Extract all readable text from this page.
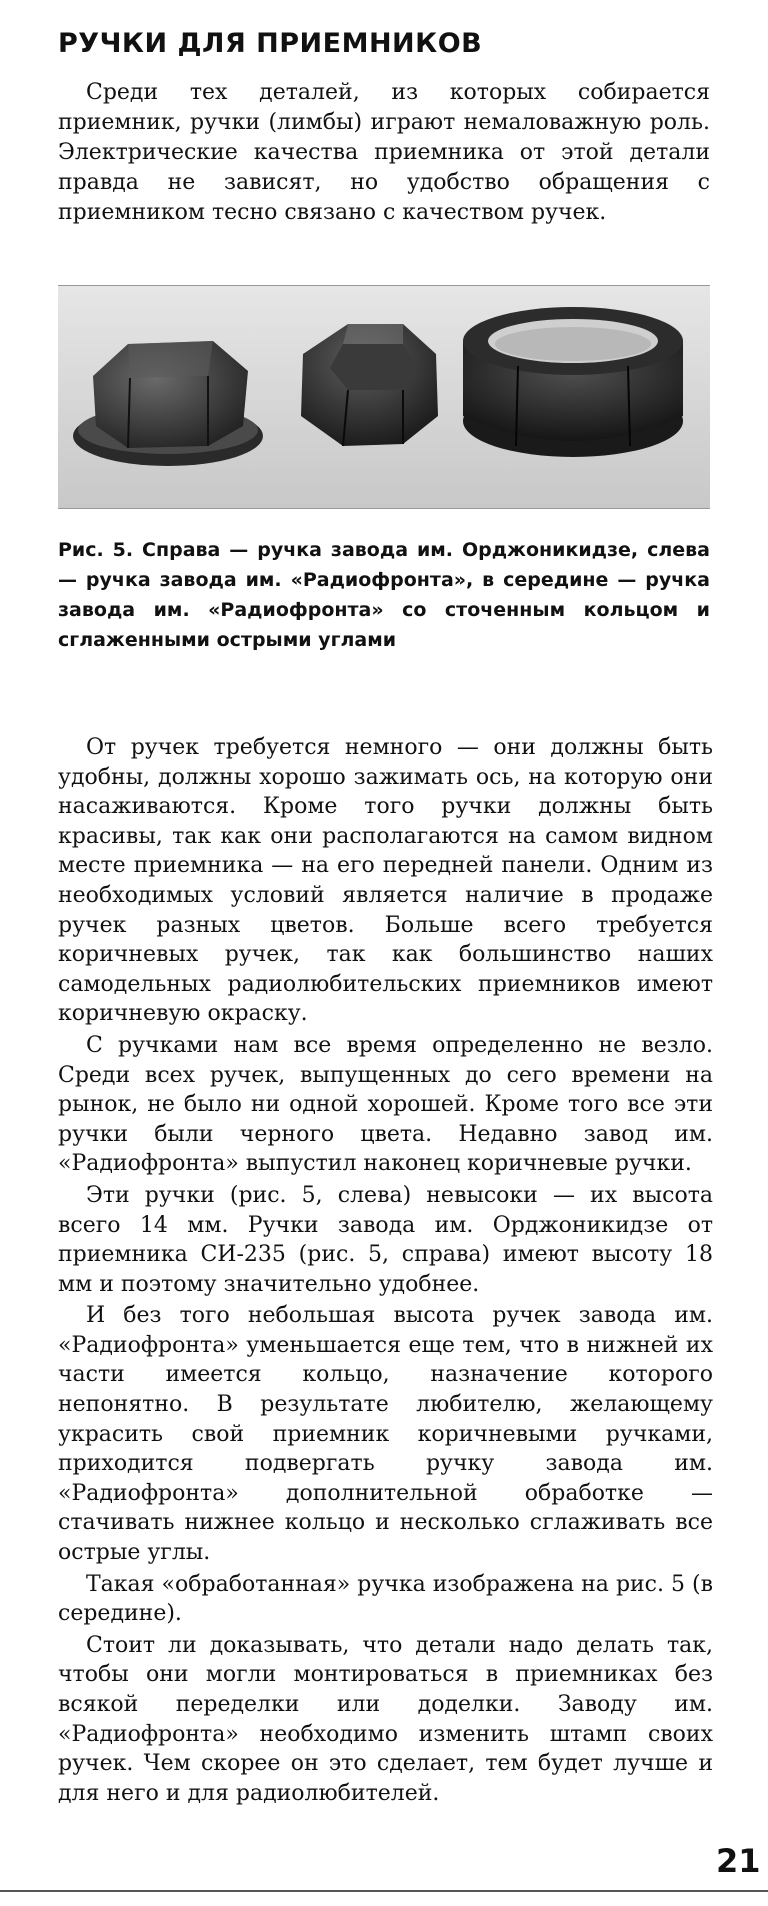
РУЧКИ ДЛЯ ПРИЕМНИКОВ

Среди тех деталей, из которых собирается приемник, ручки (лимбы) играют немаловажную роль. Электрические качества приемника от этой детали правда не зависят, но удобство обращения с приемником тесно связано с качеством ручек.

Рис. 5. Справа — ручка завода им. Орджоникидзе, слева — ручка завода им. «Радиофронта», в середине — ручка завода им. «Радиофронта» со сточенным кольцом и сглаженными острыми углами

От ручек требуется немного — они должны быть удобны, должны хорошо зажимать ось, на которую они насаживаются. Кроме того ручки должны быть красивы, так как они располагаются на самом видном месте приемника — на его передней панели. Одним из необходимых условий является наличие в продаже ручек разных цветов. Больше всего требуется коричневых ручек, так как большинство наших самодельных радиолюбительских приемников имеют коричневую окраску.

С ручками нам все время определенно не везло. Среди всех ручек, выпущенных до сего времени на рынок, не было ни одной хорошей. Кроме того все эти ручки были черного цвета. Недавно завод им. «Радиофронта» выпустил наконец коричневые ручки.

Эти ручки (рис. 5, слева) невысоки — их высота всего 14 мм. Ручки завода им. Орджоникидзе от приемника СИ-235 (рис. 5, справа) имеют высоту 18 мм и поэтому значительно удобнее.

И без того небольшая высота ручек завода им. «Радиофронта» уменьшается еще тем, что в нижней их части имеется кольцо, назначение которого непонятно. В результате любителю, желающему украсить свой приемник коричневыми ручками, приходится подвергать ручку завода им. «Радиофронта» дополнительной обработке — стачивать нижнее кольцо и несколько сглаживать все острые углы.

Такая «обработанная» ручка изображена на рис. 5 (в середине).

Стоит ли доказывать, что детали надо делать так, чтобы они могли монтироваться в приемниках без всякой переделки или доделки. Заводу им. «Радиофронта» необходимо изменить штамп своих ручек. Чем скорее он это сделает, тем будет лучше и для него и для радиолюбителей.

21
